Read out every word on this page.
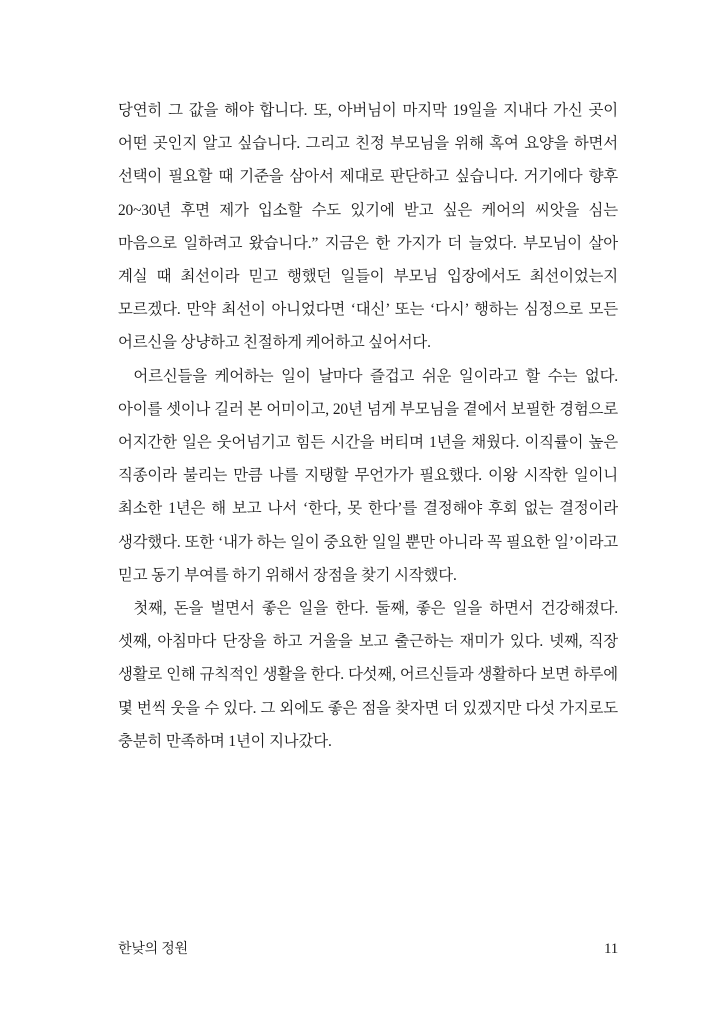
당연히 그 값을 해야 합니다. 또, 아버님이 마지막 19일을 지내다 가신 곳이 어떤 곳인지 알고 싶습니다. 그리고 친정 부모님을 위해 혹여 요양을 하면서 선택이 필요할 때 기준을 삼아서 제대로 판단하고 싶습니다. 거기에다 향후 20~30년 후면 제가 입소할 수도 있기에 받고 싶은 케어의 씨앗을 심는 마음으로 일하려고 왔습니다.” 지금은 한 가지가 더 늘었다. 부모님이 살아 계실 때 최선이라 믿고 행했던 일들이 부모님 입장에서도 최선이었는지 모르겠다. 만약 최선이 아니었다면 ‘대신’ 또는 ‘다시’ 행하는 심정으로 모든 어르신을 상냥하고 친절하게 케어하고 싶어서다.

어르신들을 케어하는 일이 날마다 즐겁고 쉬운 일이라고 할 수는 없다. 아이를 셋이나 길러 본 어미이고, 20년 넘게 부모님을 곁에서 보필한 경험으로 어지간한 일은 웃어넘기고 힘든 시간을 버티며 1년을 채웠다. 이직률이 높은 직종이라 불리는 만큼 나를 지탱할 무언가가 필요했다. 이왕 시작한 일이니 최소한 1년은 해 보고 나서 ‘한다, 못 한다’를 결정해야 후회 없는 결정이라 생각했다. 또한 ‘내가 하는 일이 중요한 일일 뿐만 아니라 꼭 필요한 일’이라고 믿고 동기 부여를 하기 위해서 장점을 찾기 시작했다.

첫째, 돈을 벌면서 좋은 일을 한다. 둘째, 좋은 일을 하면서 건강해졌다. 셋째, 아침마다 단장을 하고 거울을 보고 출근하는 재미가 있다. 넷째, 직장 생활로 인해 규칙적인 생활을 한다. 다섯째, 어르신들과 생활하다 보면 하루에 몇 번씩 웃을 수 있다. 그 외에도 좋은 점을 찾자면 더 있겠지만 다섯 가지로도 충분히 만족하며 1년이 지나갔다.

한낮의 정원	11
